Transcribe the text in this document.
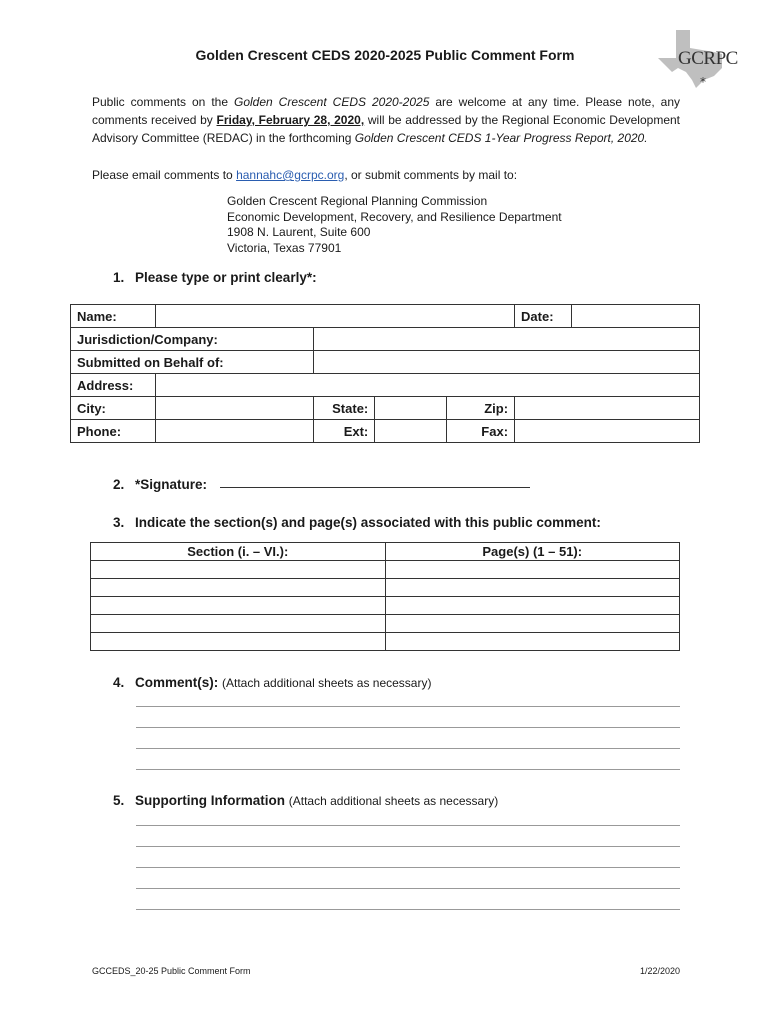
Golden Crescent CEDS 2020-2025 Public Comment Form
*
GCRPC
Public comments on the Golden Crescent CEDS 2020-2025 are welcome at any time. Please note, any comments received by Friday, February 28, 2020, will be addressed by the Regional Economic Development Advisory Committee (REDAC) in the forthcoming Golden Crescent CEDS 1-Year Progress Report, 2020.
Please email comments to hannahc@gcrpc.org, or submit comments by mail to:
Golden Crescent Regional Planning Commission
Economic Development, Recovery, and Resilience Department
1908 N. Laurent, Suite 600
Victoria, Texas 77901
1. Please type or print clearly*:
Name:					Date:	
Jurisdiction/Company:						
Submitted on Behalf of:						
Address:						
City:		State:		Zip:		
Phone:		Ext:		Fax:		
2. *Signature:
3. Indicate the section(s) and page(s) associated with this public comment:
Section (i. – VI.):	Page(s) (1 – 51):

4. Comment(s): (Attach additional sheets as necessary)
5. Supporting Information (Attach additional sheets as necessary)
GCCEDS_20-25 Public Comment Form	1/22/2020
